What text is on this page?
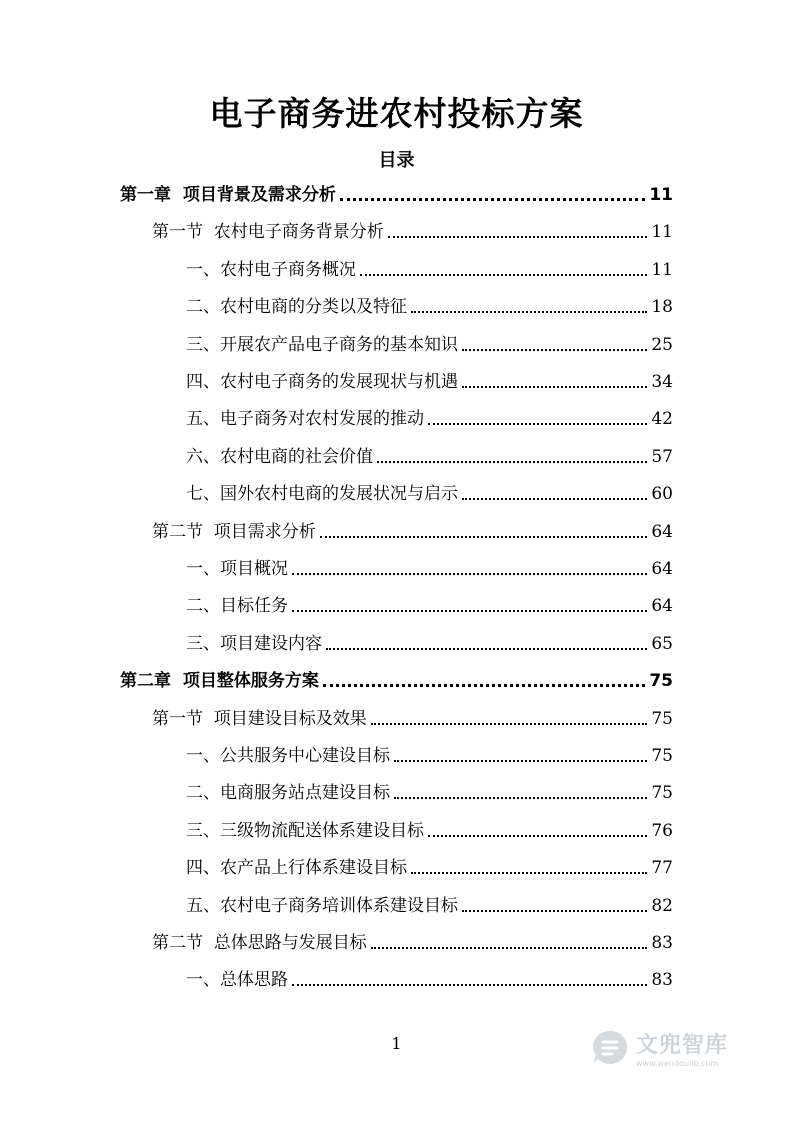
电子商务进农村投标方案
目录
第一章  项目背景及需求分析	11
第一节  农村电子商务背景分析	11
一、农村电子商务概况	11
二、农村电商的分类以及特征	18
三、开展农产品电子商务的基本知识	25
四、农村电子商务的发展现状与机遇	34
五、电子商务对农村发展的推动	42
六、农村电商的社会价值	57
七、国外农村电商的发展状况与启示	60
第二节  项目需求分析	64
一、项目概况	64
二、目标任务	64
三、项目建设内容	65
第二章  项目整体服务方案	75
第一节  项目建设目标及效果	75
一、公共服务中心建设目标	75
二、电商服务站点建设目标	75
三、三级物流配送体系建设目标	76
四、农产品上行体系建设目标	77
五、农村电子商务培训体系建设目标	82
第二节  总体思路与发展目标	83
一、总体思路	83
1	文兜智库
www.wendoulib.com
